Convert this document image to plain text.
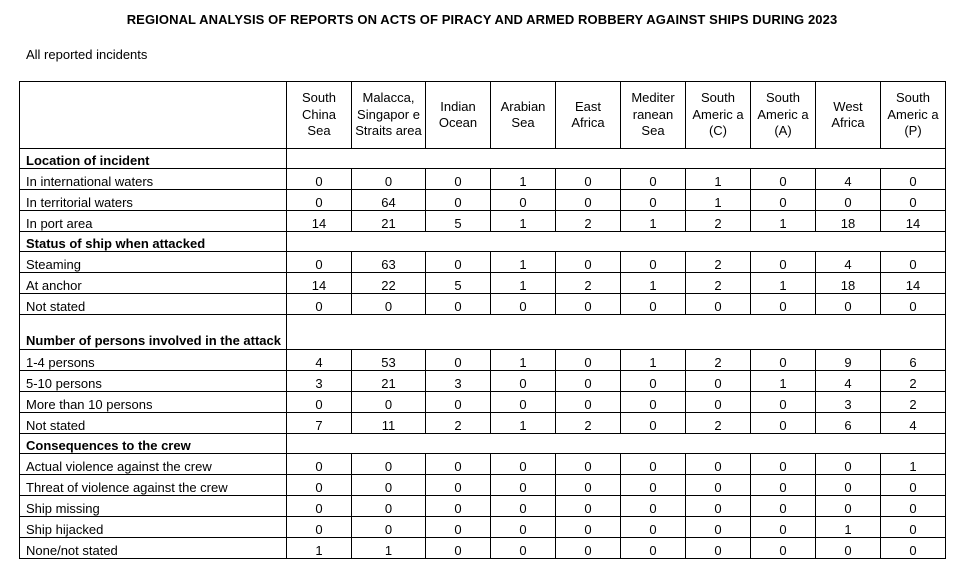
REGIONAL ANALYSIS OF REPORTS ON ACTS OF PIRACY AND ARMED ROBBERY AGAINST SHIPS DURING 2023
All reported incidents
	South China Sea	Malacca, Singapor e Straits area	Indian Ocean	Arabian Sea	East Africa	Mediter ranean Sea	South Americ a (C)	South Americ a (A)	West Africa	South Americ a (P)
Location of incident										
In international waters	0	0	0	1	0	0	1	0	4	0
In territorial waters	0	64	0	0	0	0	1	0	0	0
In port area	14	21	5	1	2	1	2	1	18	14
Status of ship when attacked										
Steaming	0	63	0	1	0	0	2	0	4	0
At anchor	14	22	5	1	2	1	2	1	18	14
Not stated	0	0	0	0	0	0	0	0	0	0
Number of persons involved in the attack										
1-4 persons	4	53	0	1	0	1	2	0	9	6
5-10 persons	3	21	3	0	0	0	0	1	4	2
More than 10 persons	0	0	0	0	0	0	0	0	3	2
Not stated	7	11	2	1	2	0	2	0	6	4
Consequences to the crew										
Actual violence against the crew	0	0	0	0	0	0	0	0	0	1
Threat of violence against the crew	0	0	0	0	0	0	0	0	0	0
Ship missing	0	0	0	0	0	0	0	0	0	0
Ship hijacked	0	0	0	0	0	0	0	0	1	0
None/not stated	1	1	0	0	0	0	0	0	0	0
